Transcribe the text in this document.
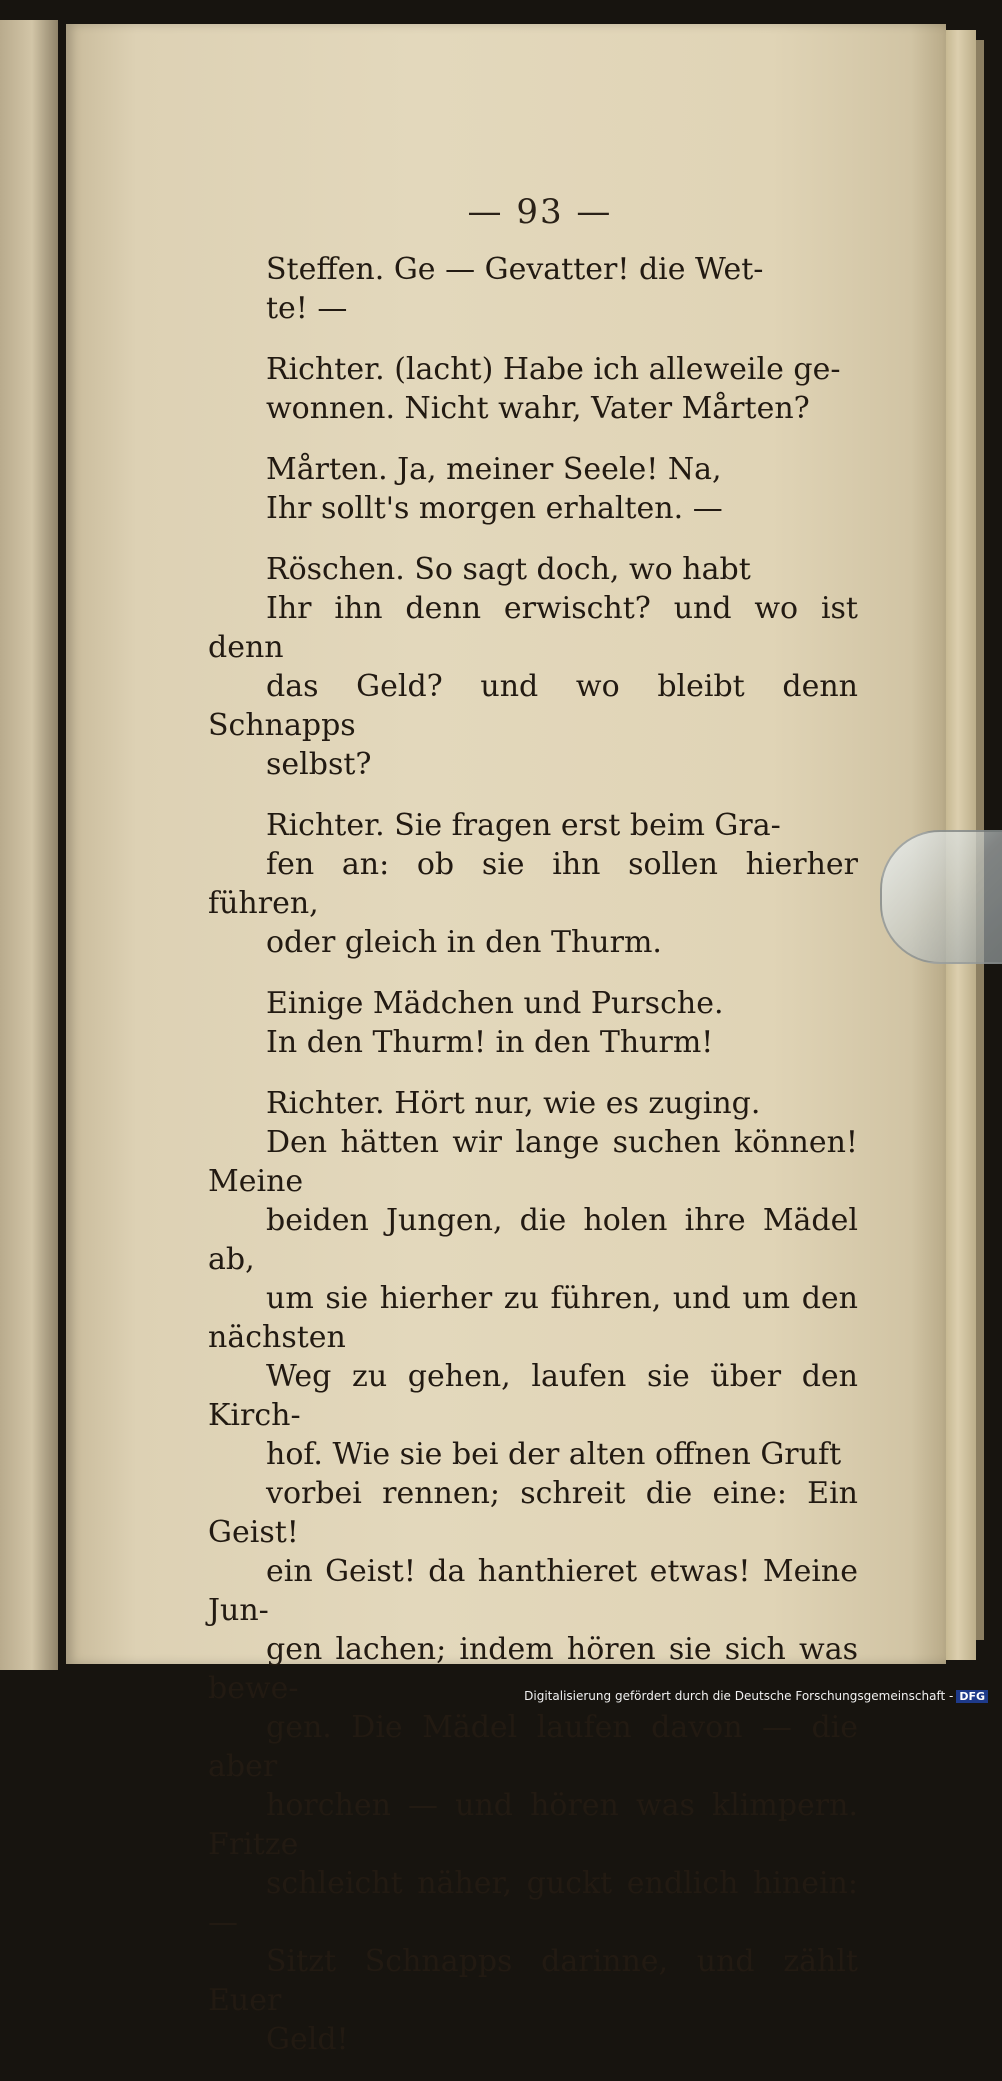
— 93 —
Steffen. Ge — Gevatter! die Wet-
te! —
Richter. (lacht) Habe ich alleweile ge-
wonnen. Nicht wahr, Vater Mårten?
Mårten. Ja, meiner Seele! Na,
Ihr sollt's morgen erhalten. —
Röschen. So sagt doch, wo habt
Ihr ihn denn erwischt? und wo ist denn
das Geld? und wo bleibt denn Schnapps
selbst?
Richter. Sie fragen erst beim Gra-
fen an: ob sie ihn sollen hierher führen,
oder gleich in den Thurm.
Einige Mädchen und Pursche.
In den Thurm! in den Thurm!
Richter. Hört nur, wie es zuging.
Den hätten wir lange suchen können! Meine
beiden Jungen, die holen ihre Mädel ab,
um sie hierher zu führen, und um den nächsten
Weg zu gehen, laufen sie über den Kirch-
hof. Wie sie bei der alten offnen Gruft
vorbei rennen; schreit die eine: Ein Geist!
ein Geist! da hanthieret etwas! Meine Jun-
gen lachen; indem hören sie sich was bewe-
gen. Die Mädel laufen davon — die aber
horchen — und hören was klimpern. Fritze
schleicht näher, guckt endlich hinein: —
Sitzt Schnapps darinne, und zählt Euer
Geld!
Digitalisierung gefördert durch die Deutsche Forschungsgemeinschaft - DFG
